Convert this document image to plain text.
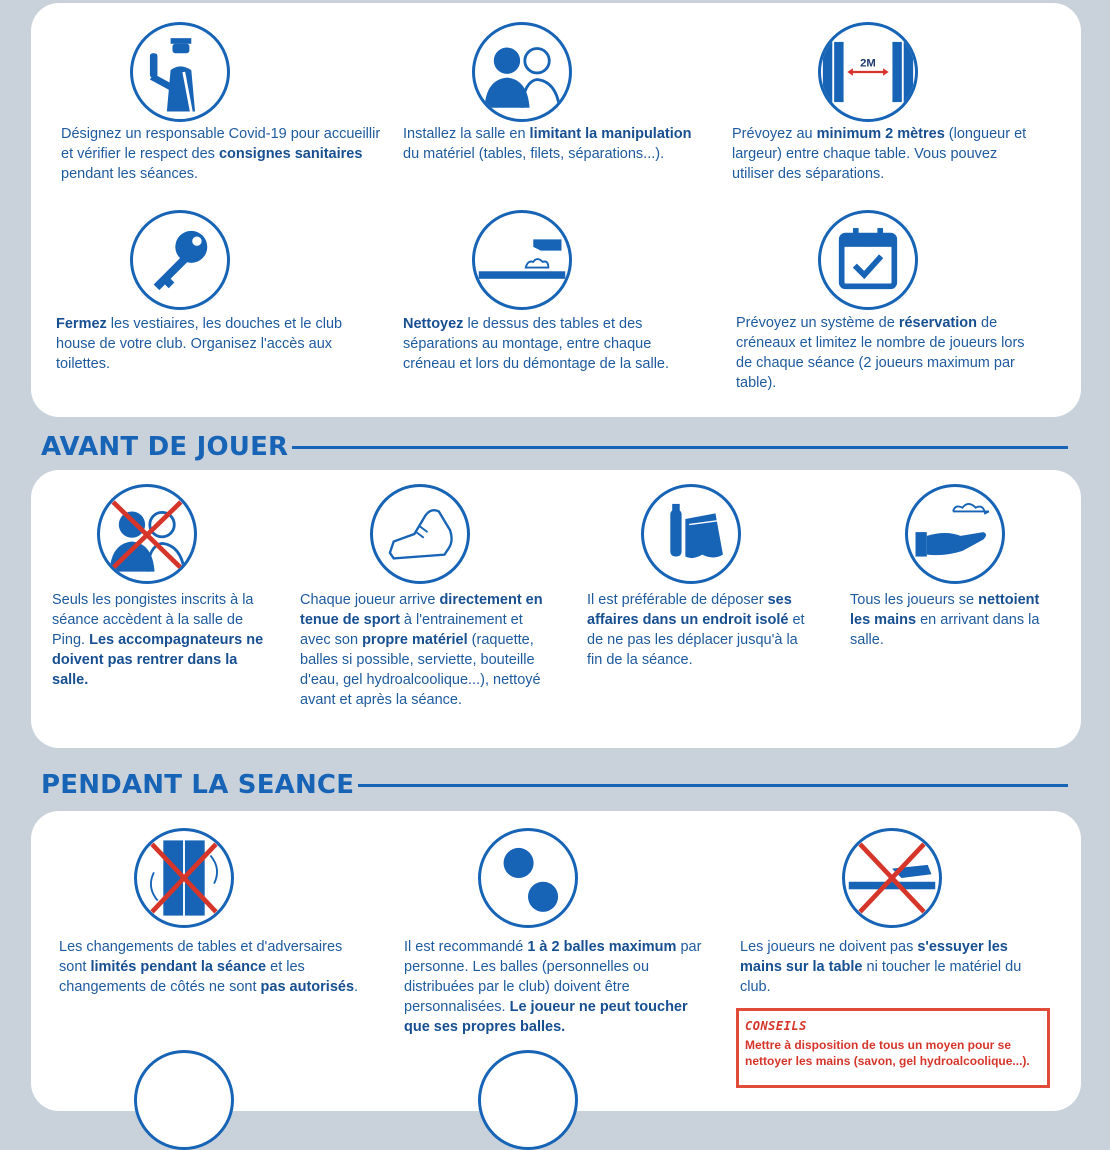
AVANT DE JOUER
PENDANT LA SEANCE
Désignez un responsable Covid-19 pour accueillir et vérifier le respect des consignes sanitaires pendant les séances.
Installez la salle en limitant la manipulation du matériel (tables, filets, séparations...).
2M
Prévoyez au minimum 2 mètres (longueur et largeur) entre chaque table. Vous pouvez utiliser des séparations.
Fermez les vestiaires, les douches et le club house de votre club. Organisez l'accès aux toilettes.
Nettoyez le dessus des tables et des séparations au montage, entre chaque créneau et lors du démontage de la salle.
Prévoyez un système de réservation de créneaux et limitez le nombre de joueurs lors de chaque séance (2 joueurs maximum par table).
Seuls les pongistes inscrits à la séance accèdent à la salle de Ping. Les accompagnateurs ne doivent pas rentrer dans la salle.
Chaque joueur arrive directement en tenue de sport à l'entrainement et avec son propre matériel (raquette, balles si possible, serviette, bouteille d'eau, gel hydroalcoolique...), nettoyé avant et après la séance.
Il est préférable de déposer ses affaires dans un endroit isolé et de ne pas les déplacer jusqu'à la fin de la séance.
Tous les joueurs se nettoient les mains en arrivant dans la salle.
Les changements de tables et d'adversaires sont limités pendant la séance et les changements de côtés ne sont pas autorisés.
Il est recommandé 1 à 2 balles maximum par personne. Les balles (personnelles ou distribuées par le club) doivent être personnalisées. Le joueur ne peut toucher que ses propres balles.
Les joueurs ne doivent pas s'essuyer les mains sur la table ni toucher le matériel du club.
CONSEILS
Mettre à disposition de tous un moyen pour se nettoyer les mains (savon, gel hydroalcoolique...).
